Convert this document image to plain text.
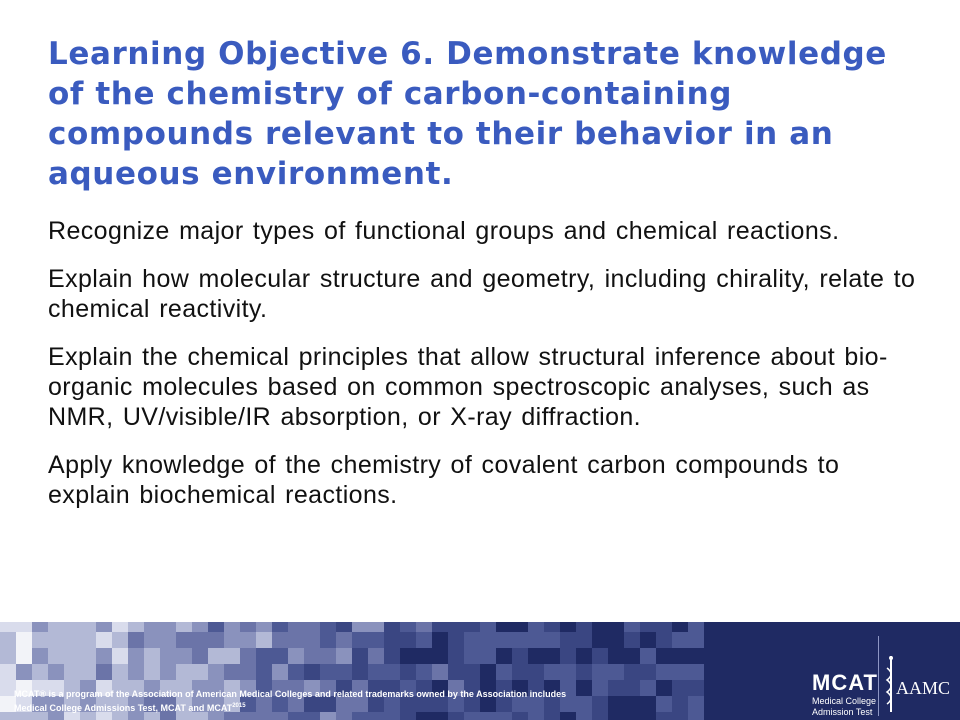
Learning Objective 6. Demonstrate knowledge of the chemistry of carbon-containing compounds relevant to their behavior in an aqueous environment.
Recognize major types of functional groups and chemical reactions.
Explain how molecular structure and geometry, including chirality, relate to chemical reactivity.
Explain the chemical principles that allow structural inference about bio-organic molecules based on common spectroscopic analyses, such as NMR, UV/visible/IR absorption, or X-ray diffraction.
Apply knowledge of the chemistry of covalent carbon compounds to explain biochemical reactions.
MCAT® is a program of the Association of American Medical Colleges and related trademarks owned by the Association includes
Medical College Admissions Test, MCAT and $MCAT^{2015}$
MCAT
Medical College
Admission Test
AAMC
